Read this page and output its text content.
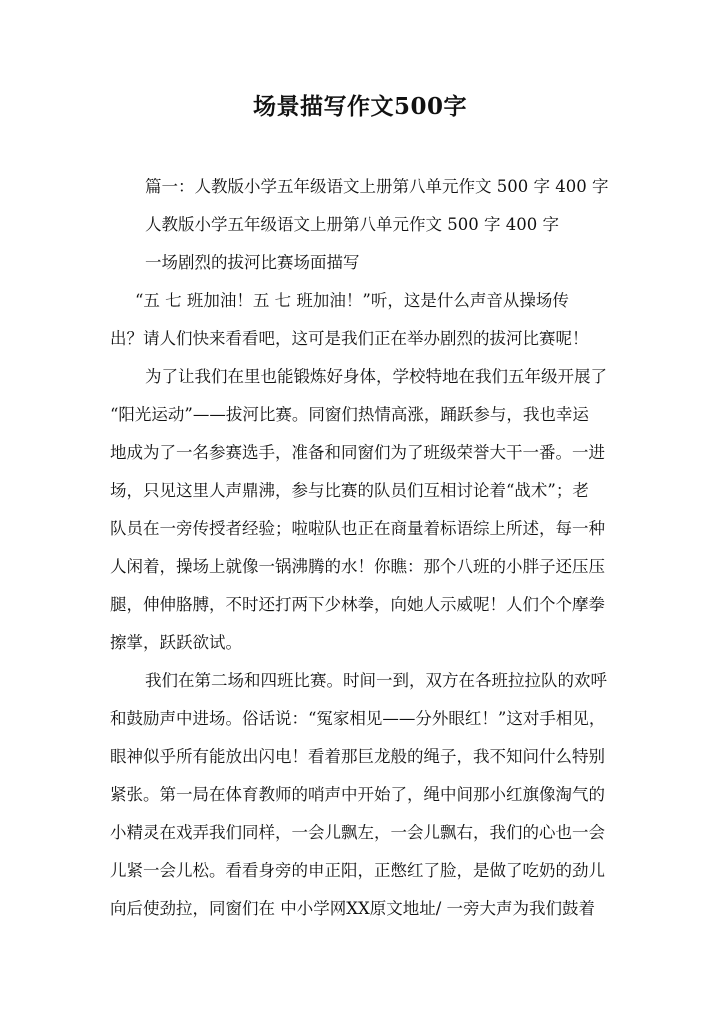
场景描写作文500字
篇一：人教版小学五年级语文上册第八单元作文 500 字 400 字
人教版小学五年级语文上册第八单元作文 500 字 400 字
一场剧烈的拔河比赛场面描写
“五 七 班加油！五 七 班加油！”听，这是什么声音从操场传
出？请人们快来看看吧，这可是我们正在举办剧烈的拔河比赛呢！
为了让我们在里也能锻炼好身体，学校特地在我们五年级开展了
“阳光运动”——拔河比赛。同窗们热情高涨，踊跃参与，我也幸运
地成为了一名参赛选手，准备和同窗们为了班级荣誉大干一番。一进
场，只见这里人声鼎沸，参与比赛的队员们互相讨论着“战术”；老
队员在一旁传授者经验；啦啦队也正在商量着标语综上所述，每一种
人闲着，操场上就像一锅沸腾的水！你瞧：那个八班的小胖子还压压
腿，伸伸胳膊，不时还打两下少林拳，向她人示威呢！人们个个摩拳
擦掌，跃跃欲试。
我们在第二场和四班比赛。时间一到，双方在各班拉拉队的欢呼
和鼓励声中进场。俗话说：“冤家相见——分外眼红！”这对手相见，
眼神似乎所有能放出闪电！看着那巨龙般的绳子，我不知问什么特别
紧张。第一局在体育教师的哨声中开始了，绳中间那小红旗像淘气的
小精灵在戏弄我们同样，一会儿飘左，一会儿飘右，我们的心也一会
儿紧一会儿松。看看身旁的申正阳，正憋红了脸，是做了吃奶的劲儿
向后使劲拉，同窗们在 中小学网XX原文地址/ 一旁大声为我们鼓着
